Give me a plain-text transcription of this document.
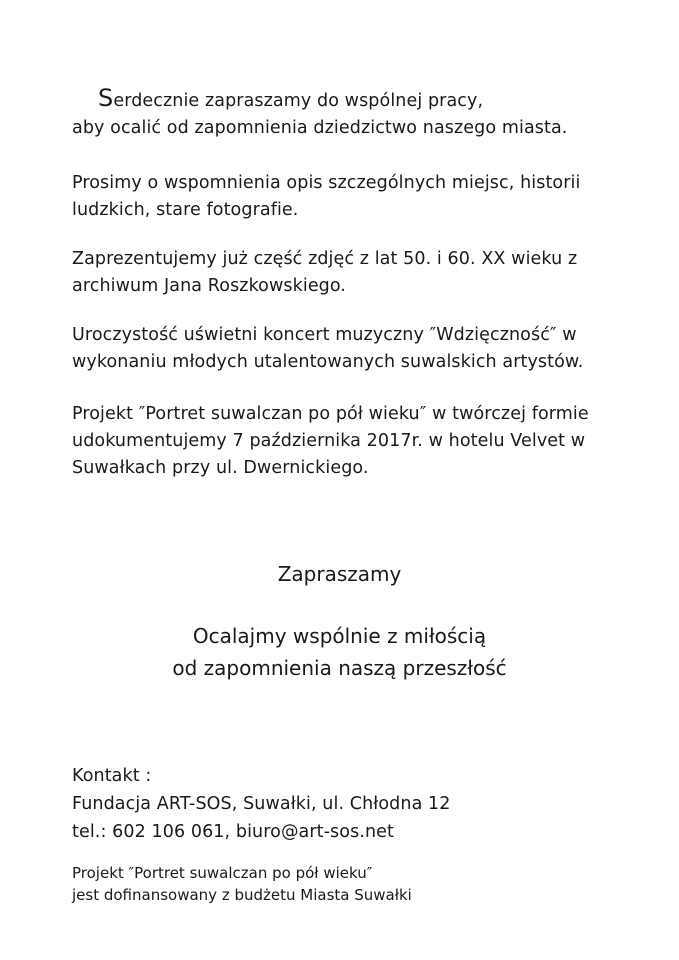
Serdecznie zapraszamy do wspólnej pracy,
aby ocalić od zapomnienia dziedzictwo naszego miasta.
Prosimy o wspomnienia opis szczególnych miejsc, historii
ludzkich, stare fotografie.
Zaprezentujemy już część zdjęć z lat 50. i 60. XX wieku z
archiwum Jana Roszkowskiego.
Uroczystość uświetni koncert muzyczny ″Wdzięczność″ w
wykonaniu młodych utalentowanych suwalskich artystów.
Projekt ″Portret suwalczan po pół wieku″ w twórczej formie
udokumentujemy 7 października 2017r. w hotelu Velvet w
Suwałkach przy ul. Dwernickiego.
Zapraszamy
Ocalajmy wspólnie z miłością
od zapomnienia naszą przeszłość
Kontakt :
Fundacja ART-SOS, Suwałki, ul. Chłodna 12
tel.: 602 106 061, biuro@art-sos.net
Projekt ″Portret suwalczan po pół wieku″
jest dofinansowany z budżetu Miasta Suwałki
